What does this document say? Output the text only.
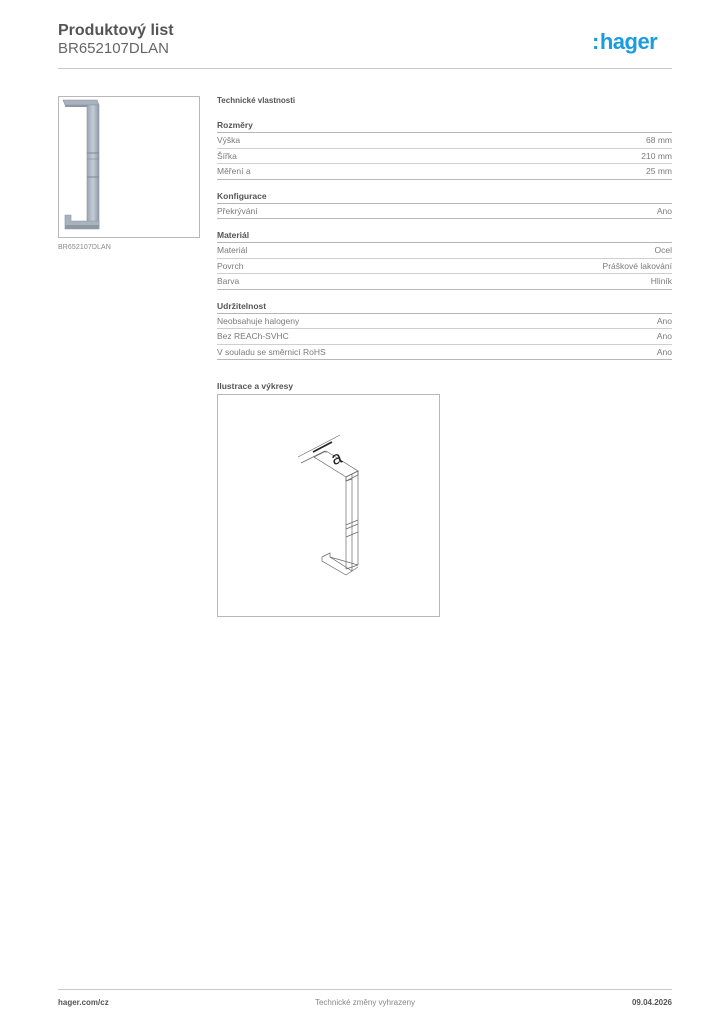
Produktový list
BR652107DLAN	:hager
BR652107DLAN
Technické vlastnosti
Rozměry
Výška	68 mm
Šířka	210 mm
Měření a	25 mm
Konfigurace
Překrývání	Ano
Materiál
Materiál	Ocel
Povrch	Práškové lakování
Barva	Hliník
Udržitelnost
Neobsahuje halogeny	Ano
Bez REACh-SVHC	Ano
V souladu se směrnicí RoHS	Ano
Ilustrace a výkresy
a
hager.com/cz	Technické změny vyhrazeny	09.04.2026
